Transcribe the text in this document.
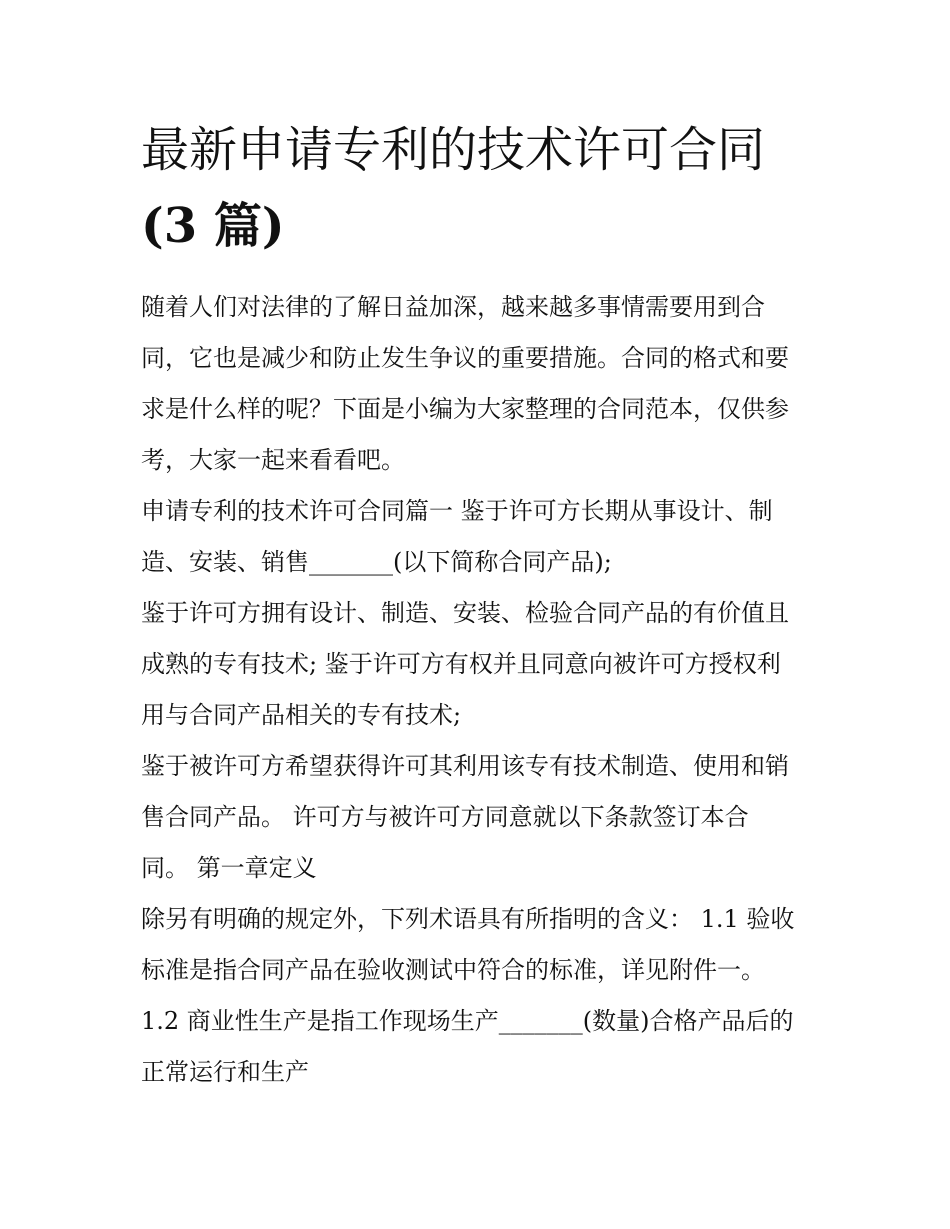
最新申请专利的技术许可合同
(3 篇)

随着人们对法律的了解日益加深，越来越多事情需要用到合
同，它也是减少和防止发生争议的重要措施。合同的格式和要
求是什么样的呢？下面是小编为大家整理的合同范本，仅供参
考，大家一起来看看吧。

申请专利的技术许可合同篇一 鉴于许可方长期从事设计、制
造、安装、销售_______(以下简称合同产品);

鉴于许可方拥有设计、制造、安装、检验合同产品的有价值且
成熟的专有技术; 鉴于许可方有权并且同意向被许可方授权利
用与合同产品相关的专有技术;

鉴于被许可方希望获得许可其利用该专有技术制造、使用和销
售合同产品。 许可方与被许可方同意就以下条款签订本合
同。 第一章定义

除另有明确的规定外，下列术语具有所指明的含义： 1.1 验收
标准是指合同产品在验收测试中符合的标准，详见附件一。
1.2 商业性生产是指工作现场生产_______(数量)合格产品后的
正常运行和生产
